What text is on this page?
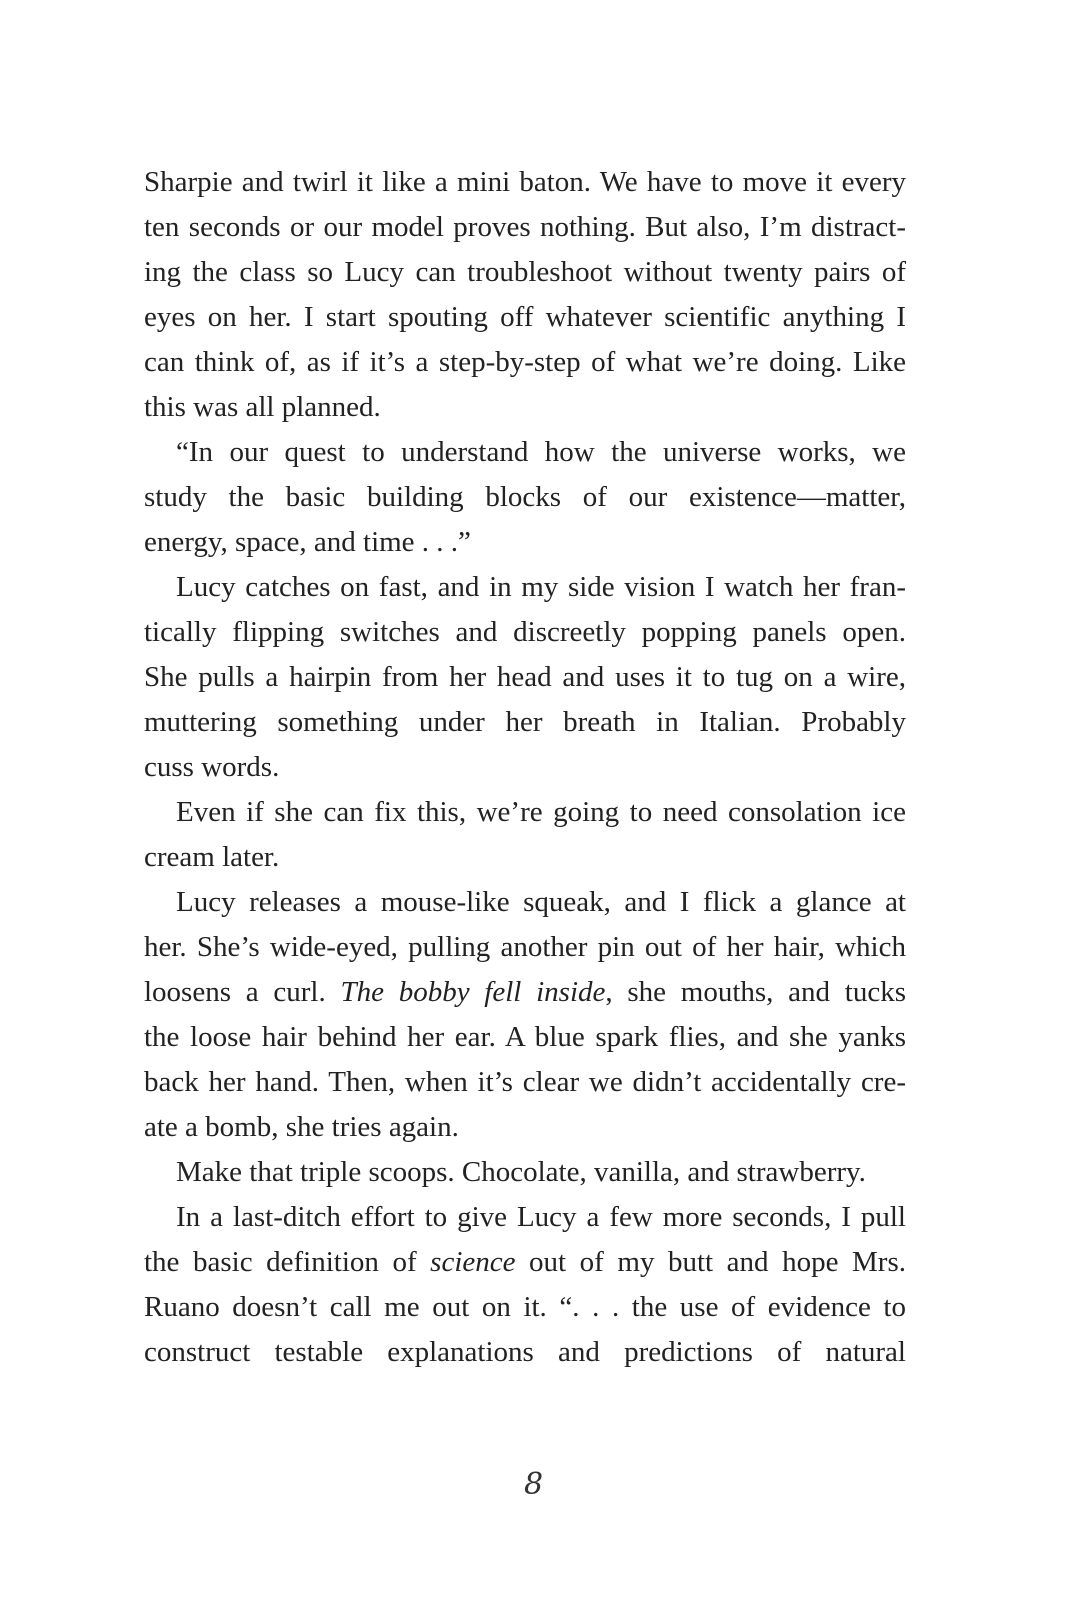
Sharpie and twirl it like a mini baton. We have to move it every
ten seconds or our model proves nothing. But also, I’m distract-
ing the class so Lucy can troubleshoot without twenty pairs of
eyes on her. I start spouting off whatever scientific anything I
can think of, as if it’s a step-by-step of what we’re doing. Like
this was all planned.
“In our quest to understand how the universe works, we
study the basic building blocks of our existence—matter,
energy, space, and time . . .”
Lucy catches on fast, and in my side vision I watch her fran-
tically flipping switches and discreetly popping panels open.
She pulls a hairpin from her head and uses it to tug on a wire,
muttering something under her breath in Italian. Probably
cuss words.
Even if she can fix this, we’re going to need consolation ice
cream later.
Lucy releases a mouse-like squeak, and I flick a glance at
her. She’s wide-eyed, pulling another pin out of her hair, which
loosens a curl. The bobby fell inside, she mouths, and tucks
the loose hair behind her ear. A blue spark flies, and she yanks
back her hand. Then, when it’s clear we didn’t accidentally cre-
ate a bomb, she tries again.
Make that triple scoops. Chocolate, vanilla, and strawberry.
In a last-ditch effort to give Lucy a few more seconds, I pull
the basic definition of science out of my butt and hope Mrs.
Ruano doesn’t call me out on it. “. . . the use of evidence to
construct testable explanations and predictions of natural
8
